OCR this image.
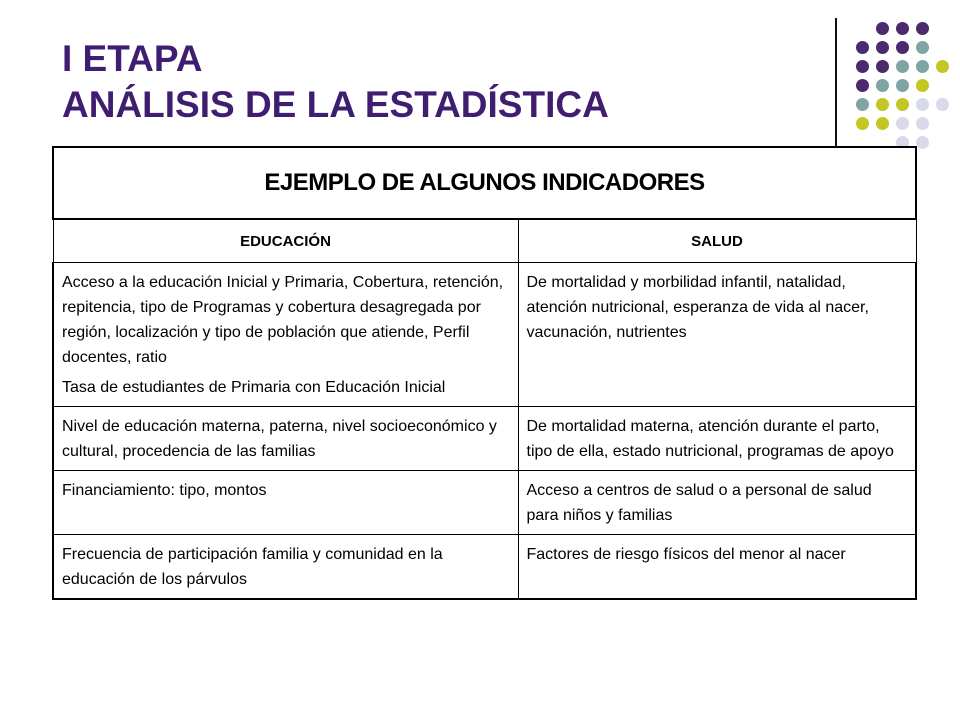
I ETAPA
ANÁLISIS DE LA ESTADÍSTICA
EJEMPLO DE ALGUNOS INDICADORES	
EDUCACIÓN	SALUD

Acceso a la educación Inicial y Primaria, Cobertura, retención, repitencia, tipo de Programas y cobertura desagregada por región, localización y tipo de población que atiende, Perfil docentes, ratio
Tasa de estudiantes de Primaria con Educación Inicial	De mortalidad y morbilidad infantil, natalidad, atención nutricional, esperanza de vida al nacer, vacunación, nutrientes

Nivel de educación materna, paterna, nivel socioeconómico y cultural, procedencia de las familias	De mortalidad materna, atención durante el parto, tipo de ella, estado nutricional, programas de apoyo

Financiamiento: tipo, montos	Acceso a centros de salud o a personal de salud para niños y familias

Frecuencia de participación familia y comunidad en la educación de los párvulos	Factores de riesgo físicos del menor al nacer
